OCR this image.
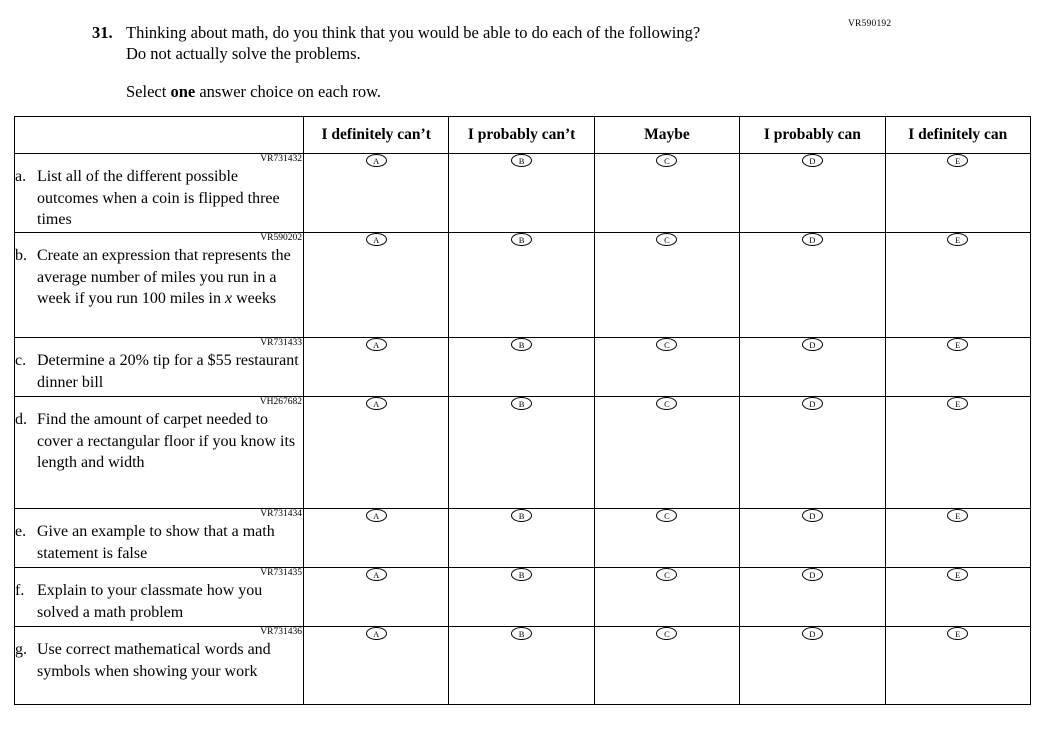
VR590192
31. Thinking about math, do you think that you would be able to do each of the following?
Do not actually solve the problems.
Select one answer choice on each row.
	I definitely can’t	I probably can’t	Maybe	I probably can	I definitely can

VR731432
a. List all of the different possible outcomes when a coin is flipped three times	A	B	C	D	E

VR590202
b. Create an expression that represents the average number of miles you run in a week if you run 100 miles in x weeks	A	B	C	D	E

VR731433
c. Determine a 20% tip for a $55 restaurant dinner bill	A	B	C	D	E

VH267682
d. Find the amount of carpet needed to cover a rectangular floor if you know its length and width	A	B	C	D	E

VR731434
e. Give an example to show that a math statement is false	A	B	C	D	E

VR731435
f. Explain to your classmate how you solved a math problem	A	B	C	D	E

VR731436
g. Use correct mathematical words and symbols when showing your work	A	B	C	D	E
